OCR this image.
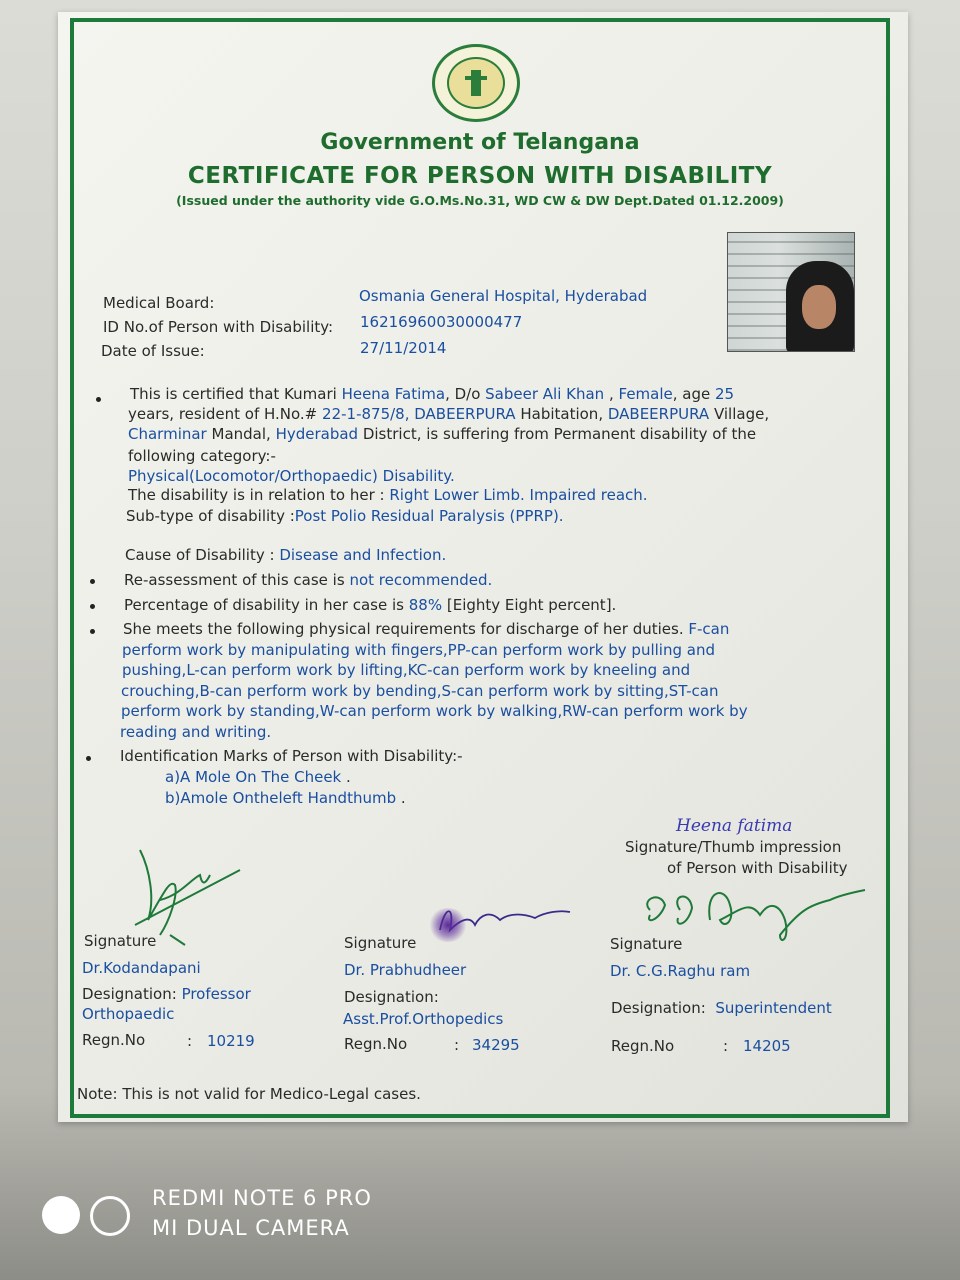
Government of Telangana
CERTIFICATE FOR PERSON WITH DISABILITY
(Issued under the authority vide G.O.Ms.No.31, WD CW & DW Dept.Dated 01.12.2009)
Medical Board:	Osmania General Hospital, Hyderabad
ID No.of Person with Disability: 16216960030000477
Date of Issue:	27/11/2014
This is certified that Kumari Heena Fatima, D/o Sabeer Ali Khan , Female, age 25
years, resident of H.No.# 22-1-875/8, DABEERPURA Habitation, DABEERPURA Village,
Charminar Mandal, Hyderabad District, is suffering from Permanent disability of the
following category:-
Physical(Locomotor/Orthopaedic) Disability.
The disability is in relation to her : Right Lower Limb. Impaired reach.
Sub-type of disability :Post Polio Residual Paralysis (PPRP).
Cause of Disability : Disease and Infection.
Re-assessment of this case is not recommended.
Percentage of disability in her case is 88% [Eighty Eight percent].
She meets the following physical requirements for discharge of her duties. F-can
perform work by manipulating with fingers,PP-can perform work by pulling and
pushing,L-can perform work by lifting,KC-can perform work by kneeling and
crouching,B-can perform work by bending,S-can perform work by sitting,ST-can
perform work by standing,W-can perform work by walking,RW-can perform work by
reading and writing.
Identification Marks of Person with Disability:-
a)A Mole On The Cheek .
b)Amole Ontheleft Handthumb .
Heena fatima
Signature/Thumb impression
of Person with Disability
Signature
Dr.Kodandapani
Designation: Professor
Orthopaedic
Regn.No	: 10219
Signature
Dr. Prabhudheer
Designation:
Asst.Prof.Orthopedics
Regn.No	: 34295
Signature
Dr. C.G.Raghu ram
Designation: Superintendent
Regn.No	: 14205
Note: This is not valid for Medico-Legal cases.
REDMI NOTE 6 PRO
MI DUAL CAMERA
